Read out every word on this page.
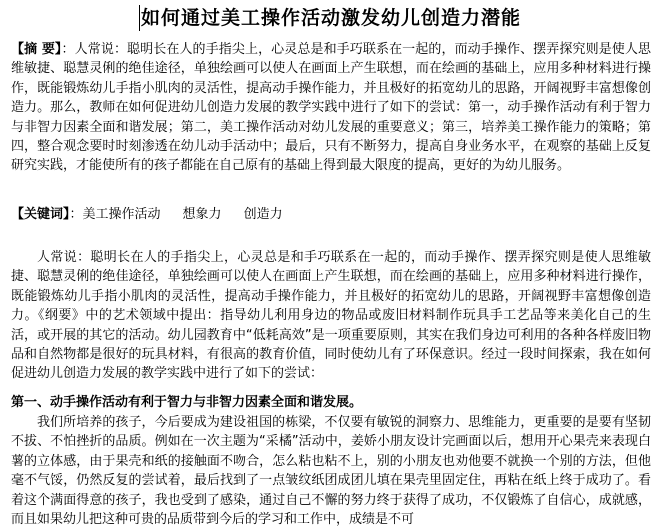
如何通过美工操作活动激发幼儿创造力潜能
【摘 要】：人常说：聪明长在人的手指尖上，心灵总是和手巧联系在一起的，而动手操作、摆弄探究则是使人思维敏捷、聪慧灵俐的绝佳途径，单独绘画可以使人在画面上产生联想，而在绘画的基础上，应用多种材料进行操作，既能锻炼幼儿手指小肌肉的灵活性，提高动手操作能力，并且极好的拓宽幼儿的思路，开阔视野丰富想像创造力。那么，教师在如何促进幼儿创造力发展的教学实践中进行了如下的尝试：第一，动手操作活动有利于智力与非智力因素全面和谐发展；第二，美工操作活动对幼儿发展的重要意义；第三，培养美工操作能力的策略；第四，整合观念要时时刻渗透在幼儿动手活动中；最后，只有不断努力，提高自身业务水平，在观察的基础上反复研究实践，才能使所有的孩子都能在自己原有的基础上得到最大限度的提高，更好的为幼儿服务。
【关键词】：美工操作活动 想象力 创造力
人常说：聪明长在人的手指尖上，心灵总是和手巧联系在一起的，而动手操作、摆弄探究则是使人思维敏捷、聪慧灵俐的绝佳途径，单独绘画可以使人在画面上产生联想，而在绘画的基础上，应用多种材料进行操作，既能锻炼幼儿手指小肌肉的灵活性，提高动手操作能力，并且极好的拓宽幼儿的思路，开阔视野丰富想像创造力。《纲要》中的艺术领域中提出：指导幼儿利用身边的物品或废旧材料制作玩具手工艺品等来美化自己的生活，或开展的其它的活动。幼儿园教育中“低耗高效”是一项重要原则，其实在我们身边可利用的各种各样废旧物品和自然物都是很好的玩具材料，有很高的教育价值，同时使幼儿有了环保意识。经过一段时间探索，我在如何促进幼儿创造力发展的教学实践中进行了如下的尝试：
第一、动手操作活动有利于智力与非智力因素全面和谐发展。
我们所培养的孩子，今后要成为建设祖国的栋梁，不仅要有敏锐的洞察力、思维能力，更重要的是要有坚韧不拔、不怕挫折的品质。例如在一次主题为“采橘”活动中，姜娇小朋友设计完画面以后，想用开心果壳来表现白薯的立体感，由于果壳和纸的接触面不吻合，怎么粘也粘不上，别的小朋友也劝他要不就换一个别的方法，但他毫不气馁，仍然反复的尝试着，最后找到了一点皱纹纸团成团儿填在果壳里固定住，再粘在纸上终于成功了。看着这个满面得意的孩子，我也受到了感染，通过自己不懈的努力终于获得了成功，不仅锻炼了自信心，成就感，而且如果幼儿把这种可贵的品质带到今后的学习和工作中，成绩是不可
